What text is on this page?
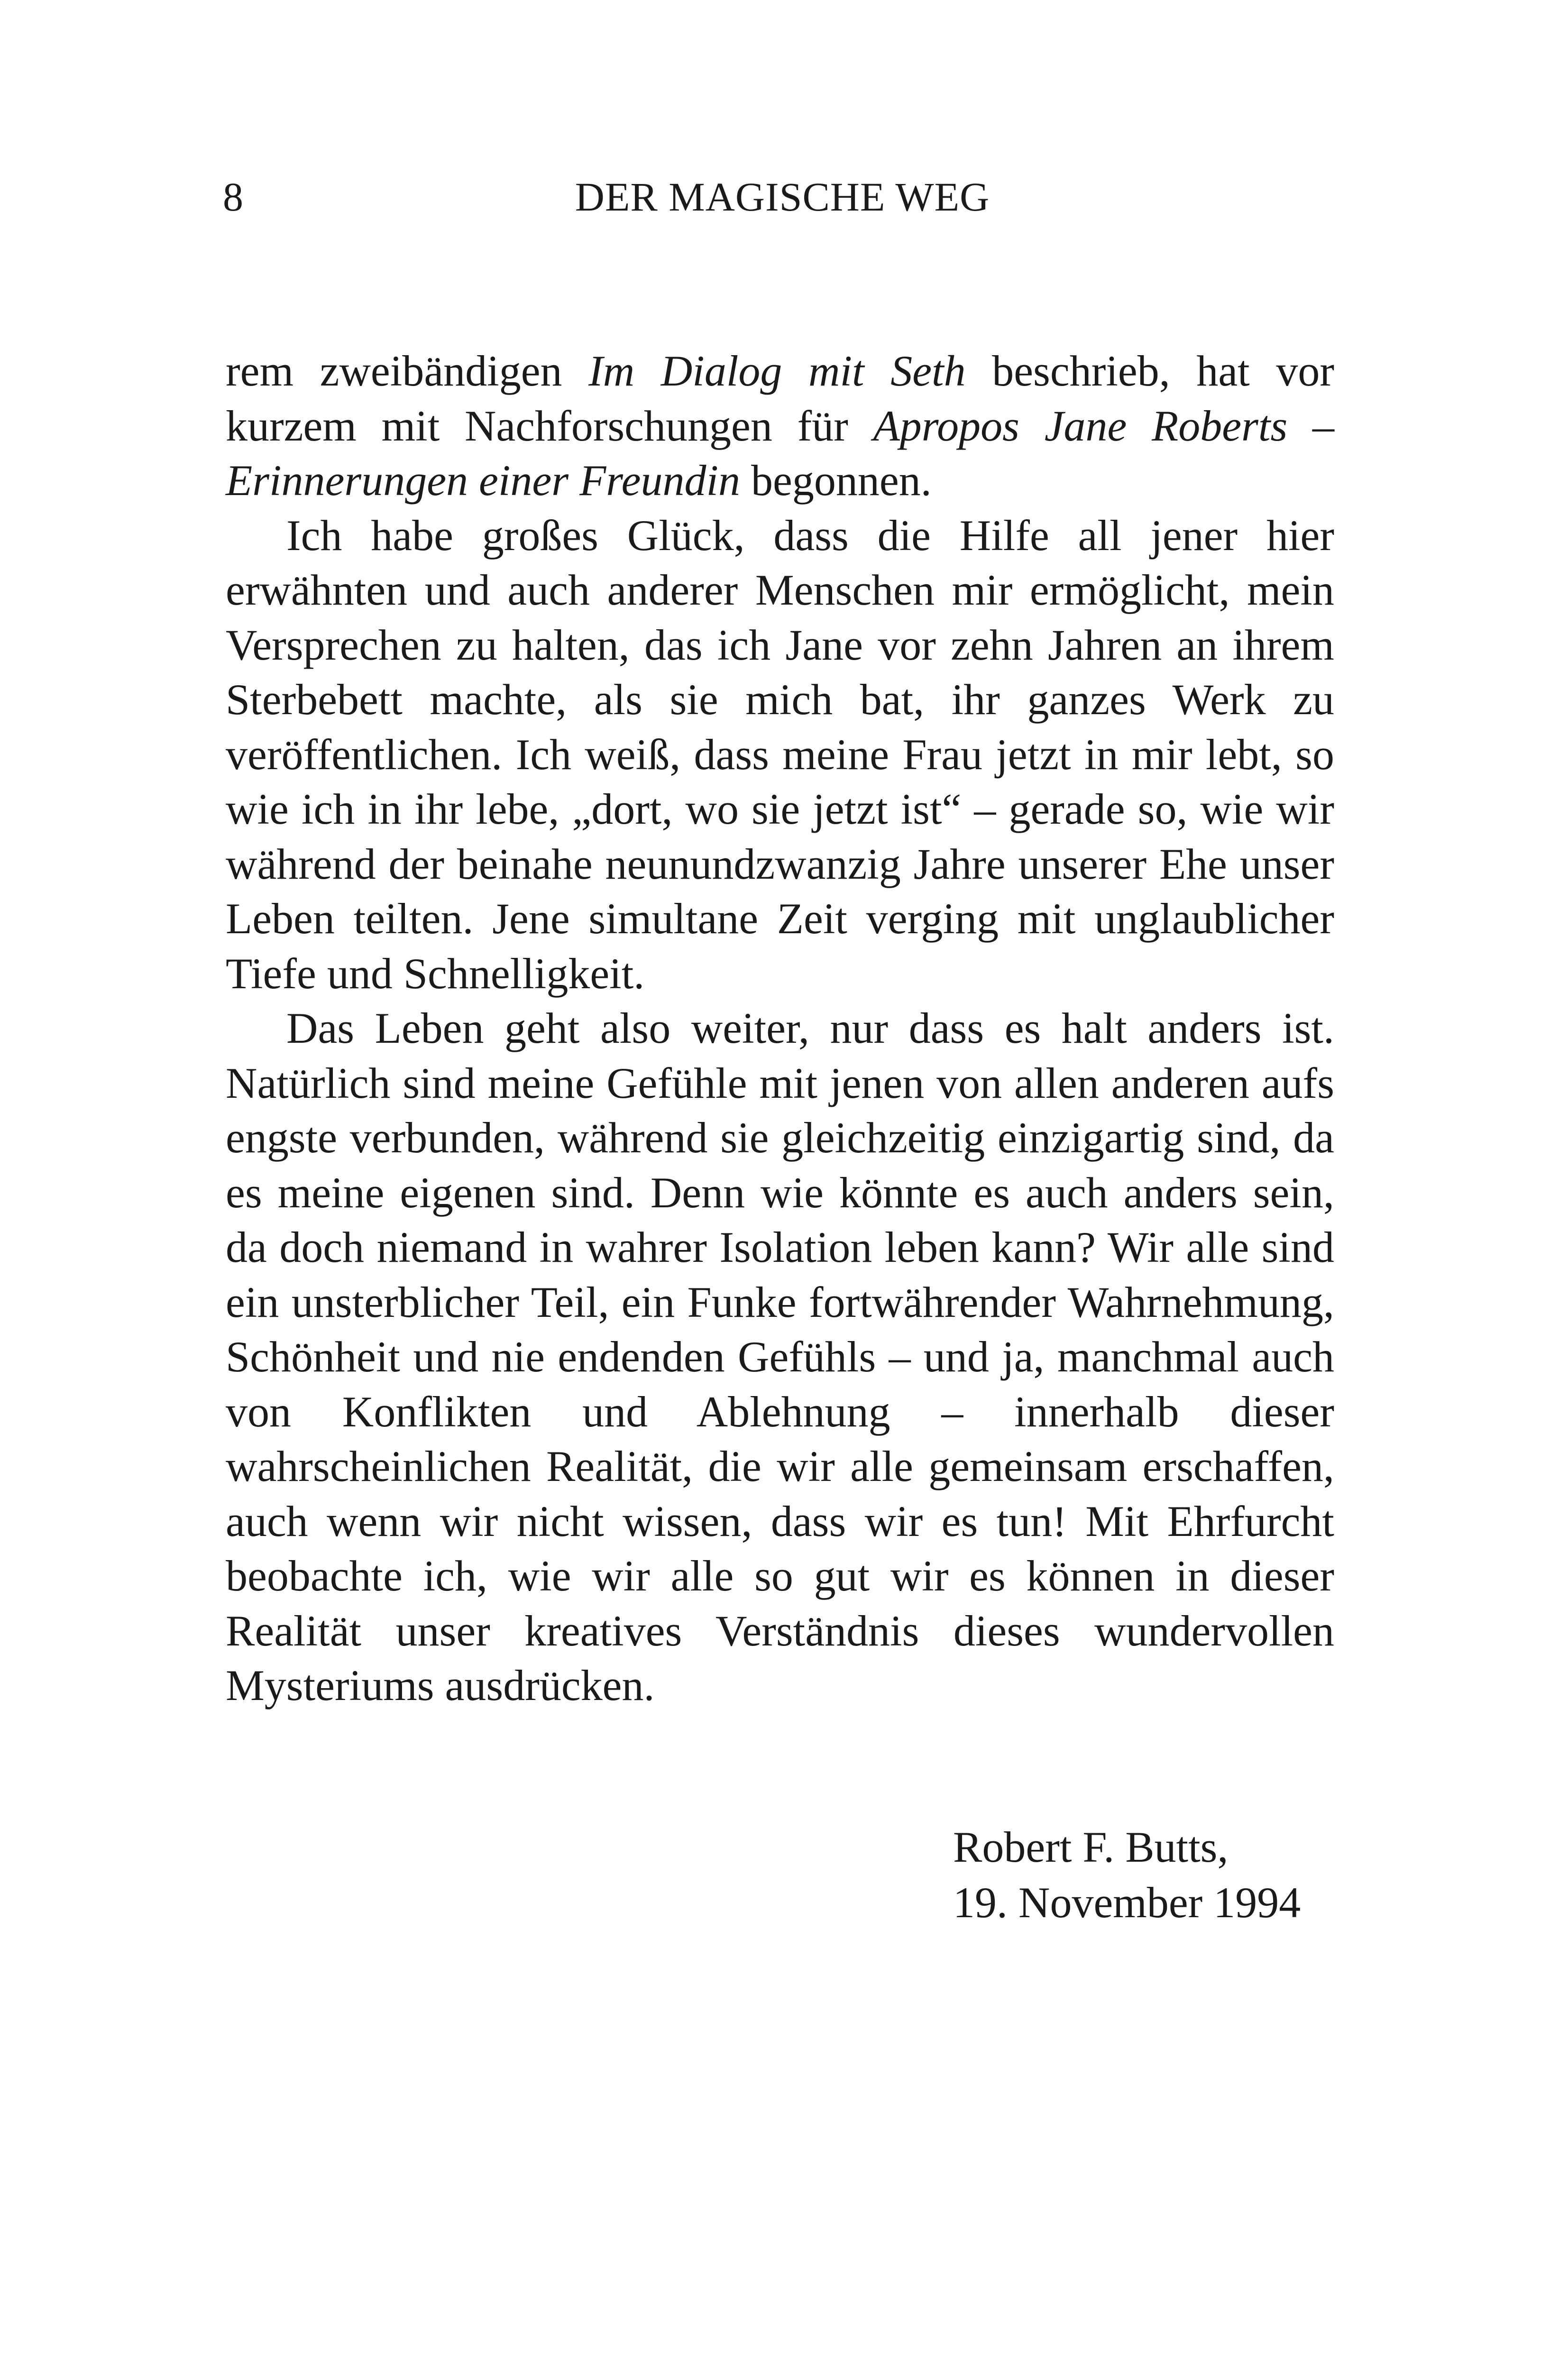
8	DER MAGISCHE WEG

rem zweibändigen Im Dialog mit Seth beschrieb, hat vor kurzem mit Nachforschungen für Apropos Jane Roberts – Erinnerungen einer Freundin begonnen.

Ich habe großes Glück, dass die Hilfe all jener hier erwähnten und auch anderer Menschen mir ermöglicht, mein Versprechen zu halten, das ich Jane vor zehn Jahren an ihrem Sterbebett machte, als sie mich bat, ihr ganzes Werk zu veröffentlichen. Ich weiß, dass meine Frau jetzt in mir lebt, so wie ich in ihr lebe, „dort, wo sie jetzt ist“ – gerade so, wie wir während der beinahe neunundzwanzig Jahre unserer Ehe unser Leben teilten. Jene simultane Zeit verging mit unglaublicher Tiefe und Schnelligkeit.

Das Leben geht also weiter, nur dass es halt anders ist. Natürlich sind meine Gefühle mit jenen von allen anderen aufs engste verbunden, während sie gleichzeitig einzigartig sind, da es meine eigenen sind. Denn wie könnte es auch anders sein, da doch niemand in wahrer Isolation leben kann? Wir alle sind ein unsterblicher Teil, ein Funke fortwährender Wahrnehmung, Schönheit und nie endenden Gefühls – und ja, manchmal auch von Konflikten und Ablehnung – innerhalb dieser wahrscheinlichen Realität, die wir alle gemeinsam erschaffen, auch wenn wir nicht wissen, dass wir es tun! Mit Ehrfurcht beobachte ich, wie wir alle so gut wir es können in dieser Realität unser kreatives Verständnis dieses wundervollen Mysteriums ausdrücken.

Robert F. Butts,
19. November 1994
